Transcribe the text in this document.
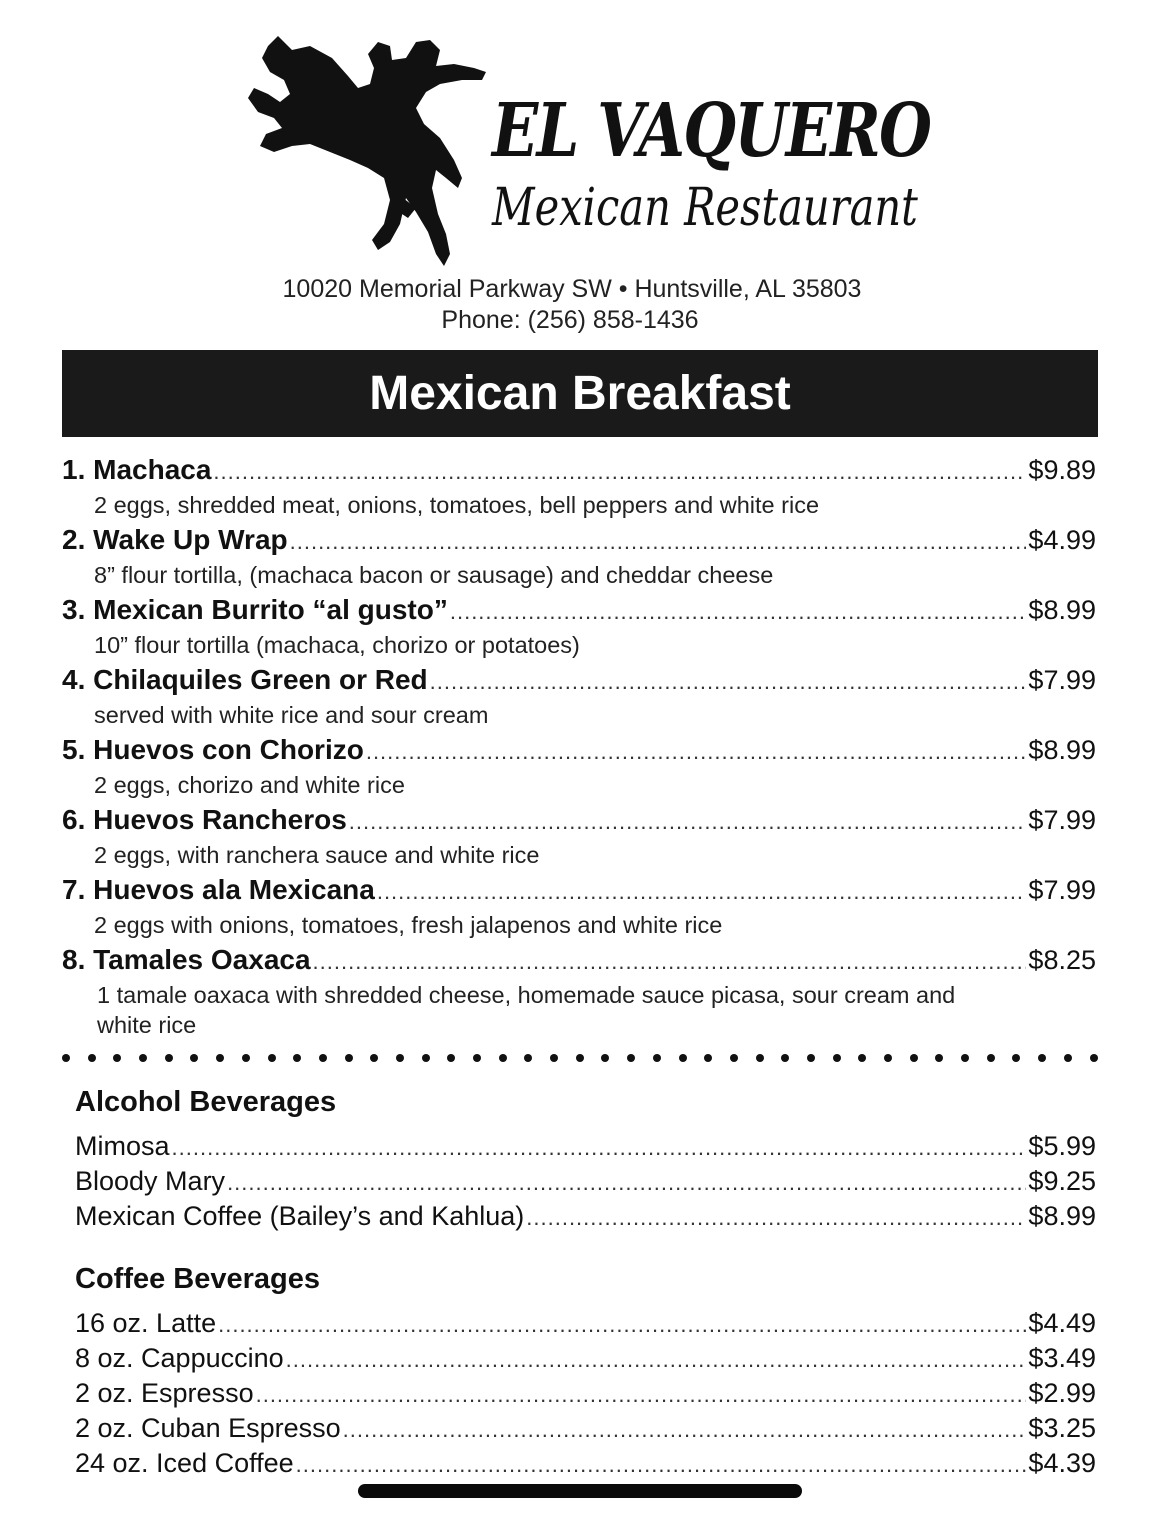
EL VAQUERO
Mexican Restaurant
10020 Memorial Parkway SW • Huntsville, AL 35803
Phone: (256) 858-1436
Mexican Breakfast
1. Machaca .....	$9.89
2 eggs, shredded meat, onions, tomatoes, bell peppers and white rice
2. Wake Up Wrap .....	$4.99
8” flour tortilla, (machaca bacon or sausage) and cheddar cheese
3. Mexican Burrito “al gusto” .....	$8.99
10” flour tortilla (machaca, chorizo or potatoes)
4. Chilaquiles Green or Red .....	$7.99
served with white rice and sour cream
5. Huevos con Chorizo .....	$8.99
2 eggs, chorizo and white rice
6. Huevos Rancheros .....	$7.99
2 eggs, with ranchera sauce and white rice
7. Huevos ala Mexicana .....	$7.99
2 eggs with onions, tomatoes, fresh jalapenos and white rice
8. Tamales Oaxaca .....	$8.25
1 tamale oaxaca with shredded cheese, homemade sauce picasa, sour cream and white rice
Alcohol Beverages
Mimosa .....	$5.99
Bloody Mary .....	$9.25
Mexican Coffee (Bailey’s and Kahlua) .....	$8.99
Coffee Beverages
16 oz. Latte .....	$4.49
8 oz. Cappuccino .....	$3.49
2 oz. Espresso .....	$2.99
2 oz. Cuban Espresso .....	$3.25
24 oz. Iced Coffee .....	$4.39
